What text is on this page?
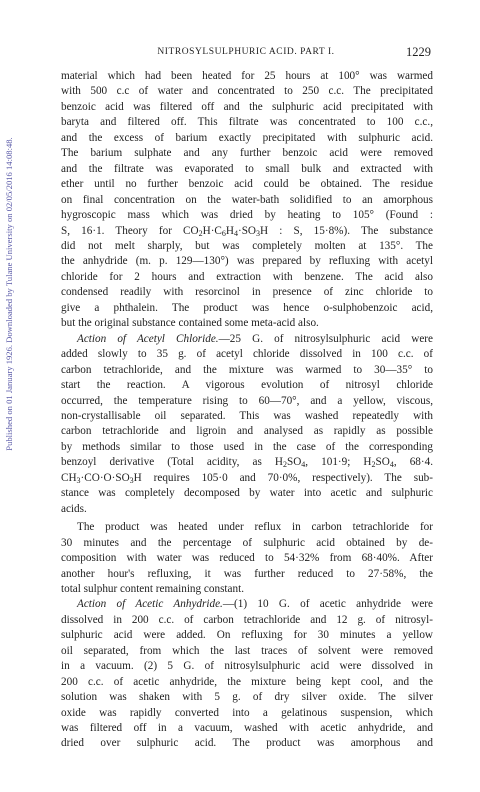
NITROSYLSULPHURIC ACID. PART I.	1229
Published on 01 January 1926. Downloaded by Tulane University on 02/05/2016 14:08:48.

material which had been heated for 25 hours at 100° was warmed

with 500 c.c of water and concentrated to 250 c.c. The precipitated

benzoic acid was filtered off and the sulphuric acid precipitated with

baryta and filtered off. This filtrate was concentrated to 100 c.c.,

and the excess of barium exactly precipitated with sulphuric acid.

The barium sulphate and any further benzoic acid were removed

and the filtrate was evaporated to small bulk and extracted with

ether until no further benzoic acid could be obtained. The residue

on final concentration on the water-bath solidified to an amorphous

hygroscopic mass which was dried by heating to 105° (Found :

S, 16·1. Theory for $CO_2H\cdot C_6H_4\cdot SO_3H$ : S, 15·8%). The substance

did not melt sharply, but was completely molten at 135°. The

the anhydride (m. p. 129—130°) was prepared by refluxing with acetyl

chloride for 2 hours and extraction with benzene. The acid also

condensed readily with resorcinol in presence of zinc chloride to

give a phthalein. The product was hence o-sulphobenzoic acid,

but the original substance contained some meta-acid also.

Action of Acetyl Chloride.—25 G. of nitrosylsulphuric acid were

added slowly to 35 g. of acetyl chloride dissolved in 100 c.c. of

carbon tetrachloride, and the mixture was warmed to 30—35° to

start the reaction. A vigorous evolution of nitrosyl chloride

occurred, the temperature rising to 60—70°, and a yellow, viscous,

non-crystallisable oil separated. This was washed repeatedly with

carbon tetrachloride and ligroin and analysed as rapidly as possible

by methods similar to those used in the case of the corresponding

benzoyl derivative (Total acidity, as $H_2SO_4$, 101·9; $H_2SO_4$, 68·4.

$CH_3\cdot CO\cdot O\cdot SO_3H$ requires 105·0 and 70·0%, respectively). The sub-

stance was completely decomposed by water into acetic and sulphuric

acids.

The product was heated under reflux in carbon tetrachloride for

30 minutes and the percentage of sulphuric acid obtained by de-

composition with water was reduced to 54·32% from 68·40%. After

another hour's refluxing, it was further reduced to 27·58%, the

total sulphur content remaining constant.

Action of Acetic Anhydride.—(1) 10 G. of acetic anhydride were

dissolved in 200 c.c. of carbon tetrachloride and 12 g. of nitrosyl-

sulphuric acid were added. On refluxing for 30 minutes a yellow

oil separated, from which the last traces of solvent were removed

in a vacuum. (2) 5 G. of nitrosylsulphuric acid were dissolved in

200 c.c. of acetic anhydride, the mixture being kept cool, and the

solution was shaken with 5 g. of dry silver oxide. The silver

oxide was rapidly converted into a gelatinous suspension, which

was filtered off in a vacuum, washed with acetic anhydride, and

dried over sulphuric acid. The product was amorphous and
